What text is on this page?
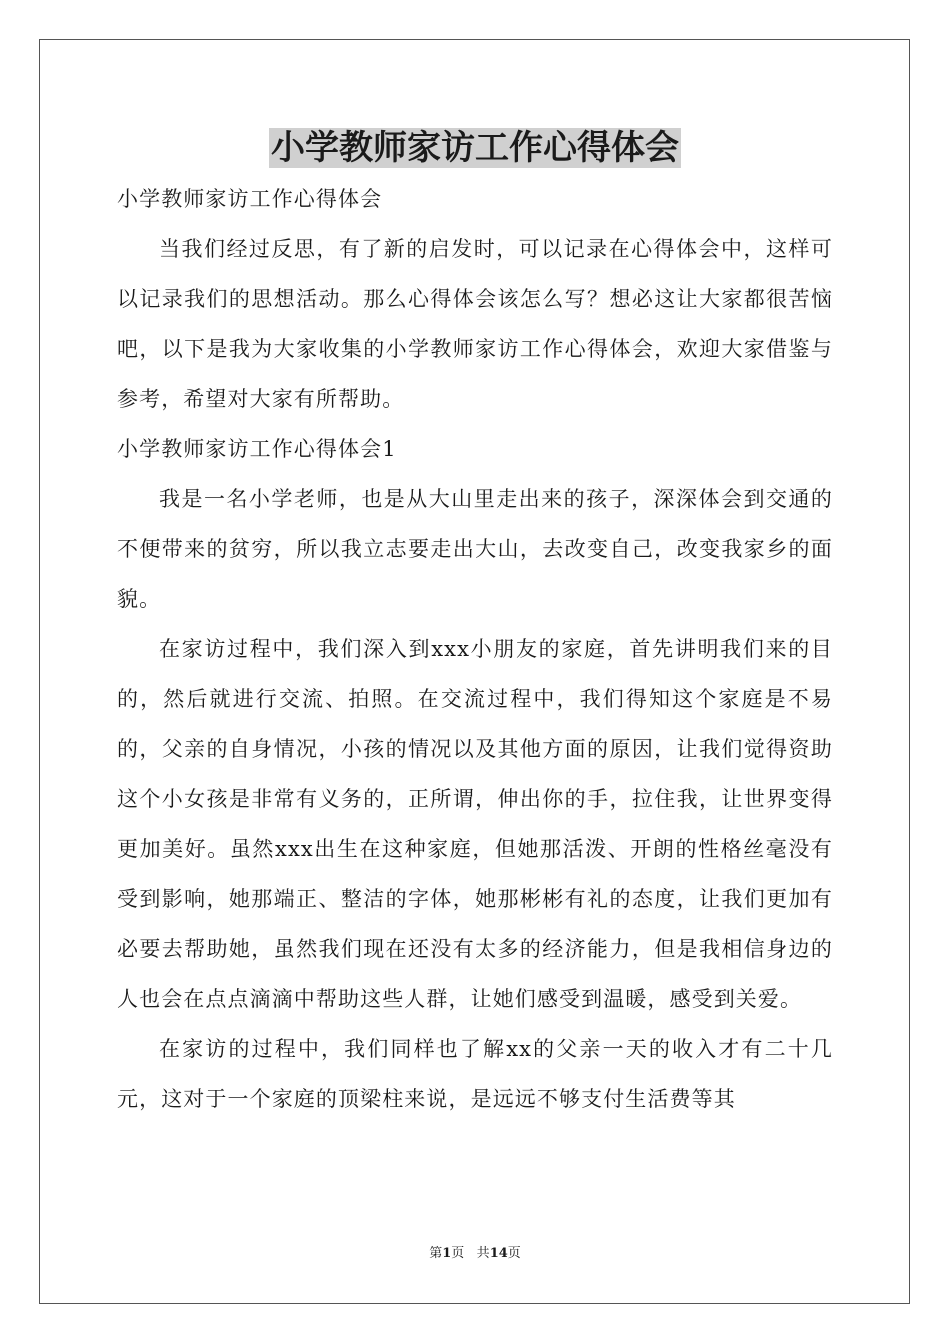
小学教师家访工作心得体会

小学教师家访工作心得体会

当我们经过反思，有了新的启发时，可以记录在心得体会中，这样可以记录我们的思想活动。那么心得体会该怎么写？想必这让大家都很苦恼吧，以下是我为大家收集的小学教师家访工作心得体会，欢迎大家借鉴与参考，希望对大家有所帮助。

小学教师家访工作心得体会1

我是一名小学老师，也是从大山里走出来的孩子，深深体会到交通的不便带来的贫穷，所以我立志要走出大山，去改变自己，改变我家乡的面貌。

在家访过程中，我们深入到xxx小朋友的家庭，首先讲明我们来的目的，然后就进行交流、拍照。在交流过程中，我们得知这个家庭是不易的，父亲的自身情况，小孩的情况以及其他方面的原因，让我们觉得资助这个小女孩是非常有义务的，正所谓，伸出你的手，拉住我，让世界变得更加美好。虽然xxx出生在这种家庭，但她那活泼、开朗的性格丝毫没有受到影响，她那端正、整洁的字体，她那彬彬有礼的态度，让我们更加有必要去帮助她，虽然我们现在还没有太多的经济能力，但是我相信身边的人也会在点点滴滴中帮助这些人群，让她们感受到温暖，感受到关爱。

在家访的过程中，我们同样也了解xx的父亲一天的收入才有二十几元，这对于一个家庭的顶梁柱来说，是远远不够支付生活费等其

第1页 共14页
